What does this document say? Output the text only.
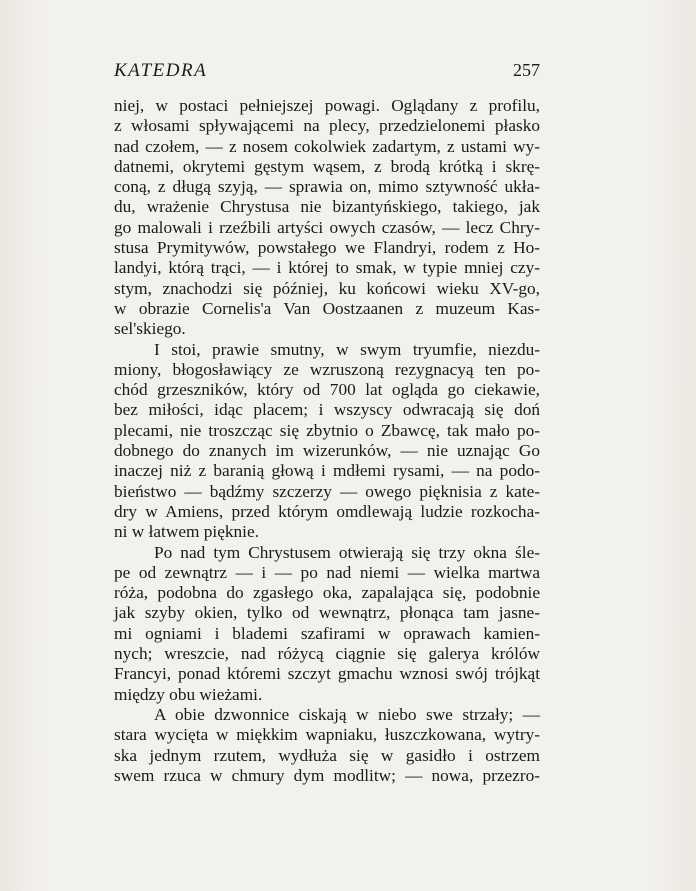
KATEDRA	257

niej, w postaci pełniejszej powagi. Oglądany z profilu,
z włosami spływającemi na plecy, przedzielonemi płasko
nad czołem, — z nosem cokolwiek zadartym, z ustami wy-
datnemi, okrytemi gęstym wąsem, z brodą krótką i skrę-
coną, z długą szyją, — sprawia on, mimo sztywność ukła-
du, wrażenie Chrystusa nie bizantyńskiego, takiego, jak
go malowali i rzeźbili artyści owych czasów, — lecz Chry-
stusa Prymitywów, powstałego we Flandryi, rodem z Ho-
landyi, którą trąci, — i której to smak, w typie mniej czy-
stym, znachodzi się później, ku końcowi wieku XV-go,
w obrazie Cornelis'a Van Oostzaanen z muzeum Kas-
sel'skiego.

I stoi, prawie smutny, w swym tryumfie, niezdu-
miony, błogosławiący ze wzruszoną rezygnacyą ten po-
chód grzeszników, który od 700 lat ogląda go ciekawie,
bez miłości, idąc placem; i wszyscy odwracają się doń
plecami, nie troszcząc się zbytnio o Zbawcę, tak mało po-
dobnego do znanych im wizerunków, — nie uznając Go
inaczej niż z baranią głową i mdłemi rysami, — na podo-
bieństwo — bądźmy szczerzy — owego pięknisia z kate-
dry w Amiens, przed którym omdlewają ludzie rozkocha-
ni w łatwem pięknie.

Po nad tym Chrystusem otwierają się trzy okna śle-
pe od zewnątrz — i — po nad niemi — wielka martwa
róża, podobna do zgasłego oka, zapalająca się, podobnie
jak szyby okien, tylko od wewnątrz, płonąca tam jasne-
mi ogniami i blademi szafirami w oprawach kamien-
nych; wreszcie, nad różycą ciągnie się galerya królów
Francyi, ponad któremi szczyt gmachu wznosi swój trójkąt
między obu wieżami.

A obie dzwonnice ciskają w niebo swe strzały; —
stara wycięta w miękkim wapniaku, łuszczkowana, wytry-
ska jednym rzutem, wydłuża się w gasidło i ostrzem
swem rzuca w chmury dym modlitw; — nowa, przezro-
